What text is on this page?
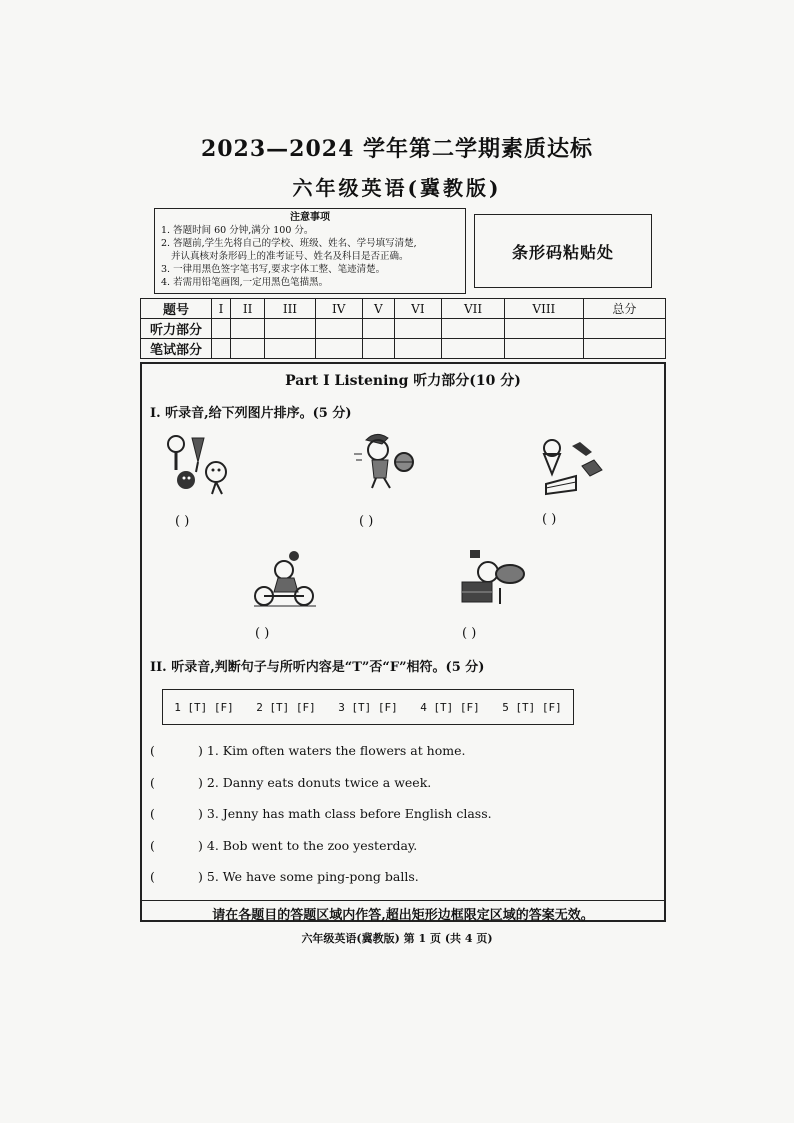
2023—2024 学年第二学期素质达标
六年级英语(冀教版)
注意事项
1. 答题时间 60 分钟,满分 100 分。
2. 答题前,学生先将自己的学校、班级、姓名、学号填写清楚,
并认真核对条形码上的准考证号、姓名及科目是否正确。
3. 一律用黑色签字笔书写,要求字体工整、笔迹清楚。
4. 若需用铅笔画图,一定用黑色笔描黑。
条形码粘贴处
题号	I	II	III	IV	V	VI	VII	VIII	总分
听力部分									
笔试部分									
Part I Listening 听力部分(10 分)
I. 听录音,给下列图片排序。(5 分)
( )	( )	( )
( )	( )
II. 听录音,判断句子与所听内容是“T”否“F”相符。(5 分)
1 [T] [F] 2 [T] [F] 3 [T] [F] 4 [T] [F] 5 [T] [F]
(	) 1. Kim often waters the flowers at home.
(	) 2. Danny eats donuts twice a week.
(	) 3. Jenny has math class before English class.
(	) 4. Bob went to the zoo yesterday.
(	) 5. We have some ping-pong balls.
请在各题目的答题区域内作答,超出矩形边框限定区域的答案无效。
六年级英语(冀教版) 第 1 页 (共 4 页)
